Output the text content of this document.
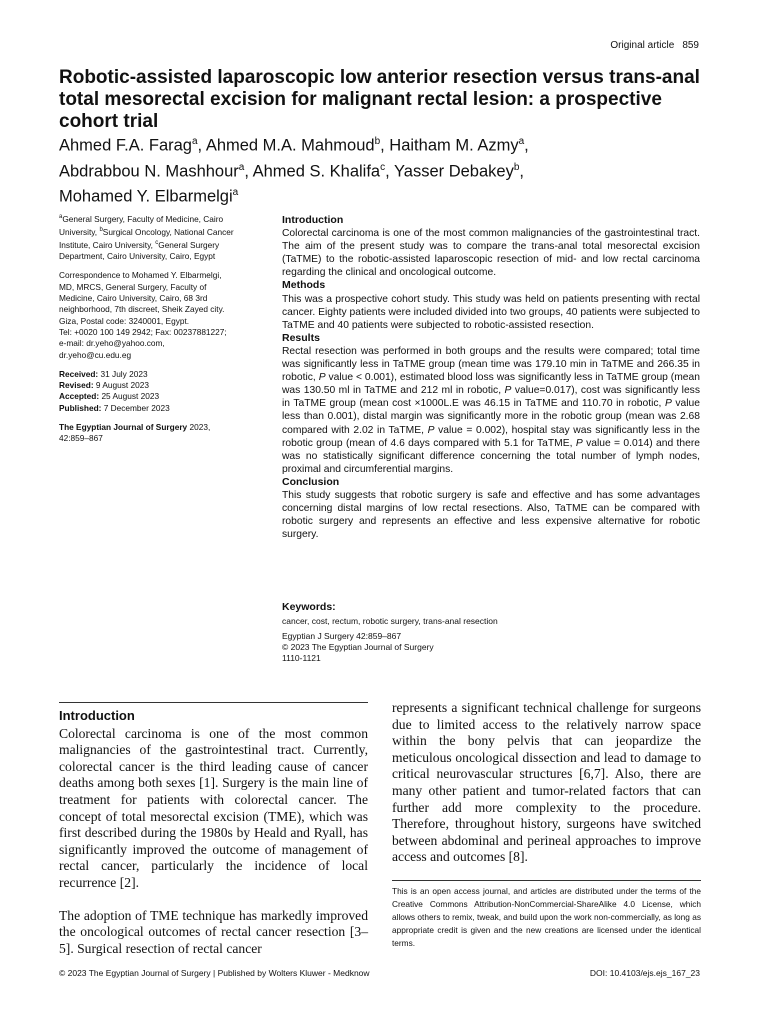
Original article 859
Robotic-assisted laparoscopic low anterior resection versus trans-anal total mesorectal excision for malignant rectal lesion: a prospective cohort trial

Ahmed F.A. Farag$^a$, Ahmed M.A. Mahmoud$^b$, Haitham M. Azmy$^a$,
Abdrabbou N. Mashhour$^a$, Ahmed S. Khalifa$^c$, Yasser Debakey$^b$,
Mohamed Y. Elbarmelgi$^a$

$^a$General Surgery, Faculty of Medicine, Cairo University, $^b$Surgical Oncology, National Cancer Institute, Cairo University, $^c$General Surgery Department, Cairo University, Cairo, Egypt

Correspondence to Mohamed Y. Elbarmelgi,
MD, MRCS, General Surgery, Faculty of
Medicine, Cairo University, Cairo, 68 3rd
neighborhood, 7th discreet, Sheik Zayed city.
Giza, Postal code: 3240001, Egypt.
Tel: +0020 100 149 2942; Fax: 00237881227;
e-mail: dr.yeho@yahoo.com,
dr.yeho@cu.edu.eg

Received: 31 July 2023
Revised: 9 August 2023
Accepted: 25 August 2023
Published: 7 December 2023

The Egyptian Journal of Surgery 2023,
42:859–867

Introduction

Colorectal carcinoma is one of the most common malignancies of the gastrointestinal tract. The aim of the present study was to compare the trans-anal total mesorectal excision (TaTME) to the robotic-assisted laparoscopic resection of mid- and low rectal carcinoma regarding the clinical and oncological outcome.

Methods

This was a prospective cohort study. This study was held on patients presenting with rectal cancer. Eighty patients were included divided into two groups, 40 patients were subjected to TaTME and 40 patients were subjected to robotic-assisted resection.

Results

Rectal resection was performed in both groups and the results were compared; total time was significantly less in TaTME group (mean time was 179.10 min in TaTME and 266.35 in robotic, P value < 0.001), estimated blood loss was significantly less in TaTME group (mean was 130.50 ml in TaTME and 212 ml in robotic, P value=0.017), cost was significantly less in TaTME group (mean cost ×1000L.E was 46.15 in TaTME and 110.70 in robotic, P value less than 0.001), distal margin was significantly more in the robotic group (mean was 2.68 compared with 2.02 in TaTME, P value = 0.002), hospital stay was significantly less in the robotic group (mean of 4.6 days compared with 5.1 for TaTME, P value = 0.014) and there was no statistically significant difference concerning the total number of lymph nodes, proximal and circumferential margins.

Conclusion

This study suggests that robotic surgery is safe and effective and has some advantages concerning distal margins of low rectal resections. Also, TaTME can be compared with robotic surgery and represents an effective and less expensive alternative for robotic surgery.

Keywords:

cancer, cost, rectum, robotic surgery, trans-anal resection

Egyptian J Surgery 42:859–867
© 2023 The Egyptian Journal of Surgery
1110-1121
Introduction

Colorectal carcinoma is one of the most common malignancies of the gastrointestinal tract. Currently, colorectal cancer is the third leading cause of cancer deaths among both sexes [1]. Surgery is the main line of treatment for patients with colorectal cancer. The concept of total mesorectal excision (TME), which was first described during the 1980s by Heald and Ryall, has significantly improved the outcome of management of rectal cancer, particularly the incidence of local recurrence [2].

The adoption of TME technique has markedly improved the oncological outcomes of rectal cancer resection [3–5]. Surgical resection of rectal cancer

represents a significant technical challenge for surgeons due to limited access to the relatively narrow space within the bony pelvis that can jeopardize the meticulous oncological dissection and lead to damage to critical neurovascular structures [6,7]. Also, there are many other patient and tumor-related factors that can further add more complexity to the procedure. Therefore, throughout history, surgeons have switched between abdominal and perineal approaches to improve access and outcomes [8].

This is an open access journal, and articles are distributed under the terms of the Creative Commons Attribution-NonCommercial-ShareAlike 4.0 License, which allows others to remix, tweak, and build upon the work non-commercially, as long as appropriate credit is given and the new creations are licensed under the identical terms.
© 2023 The Egyptian Journal of Surgery | Published by Wolters Kluwer - Medknow	DOI: 10.4103/ejs.ejs_167_23
